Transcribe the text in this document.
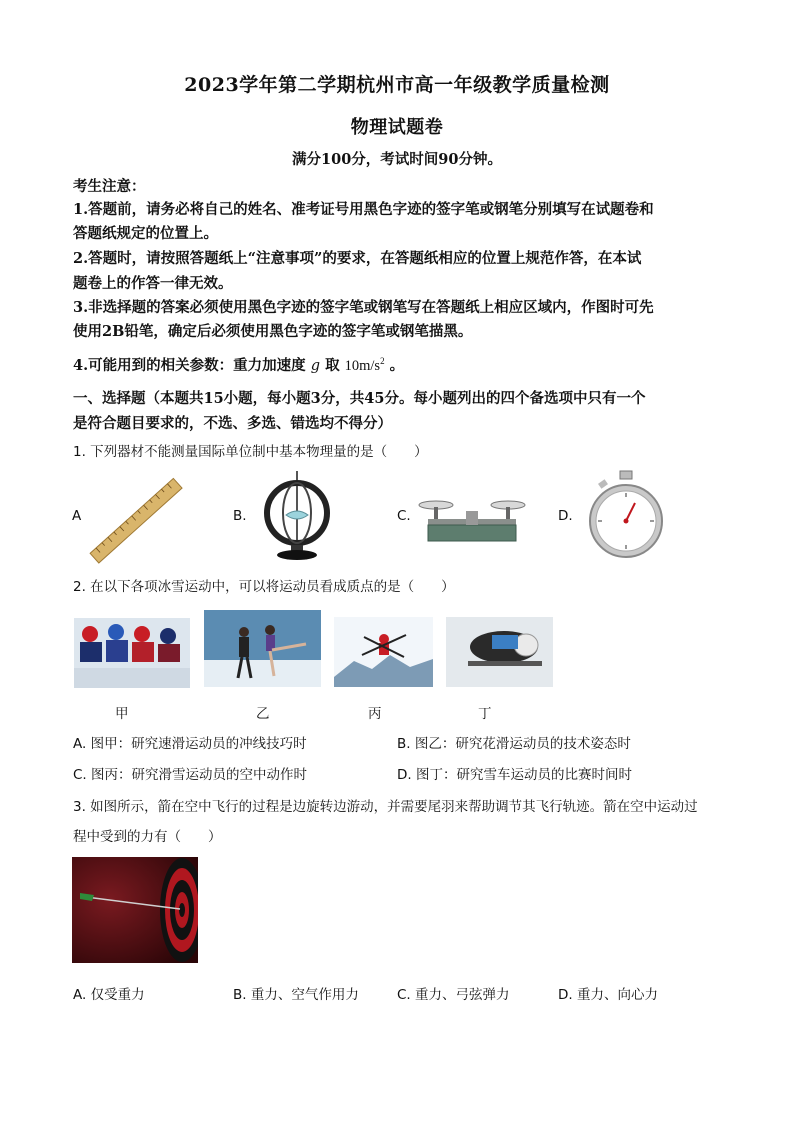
2023学年第二学期杭州市高一年级教学质量检测
物理试题卷
满分100分，考试时间90分钟。
考生注意：
1.答题前，请务必将自己的姓名、准考证号用黑色字迹的签字笔或钢笔分别填写在试题卷和
答题纸规定的位置上。
2.答题时，请按照答题纸上“注意事项”的要求，在答题纸相应的位置上规范作答，在本试
题卷上的作答一律无效。
3.非选择题的答案必须使用黑色字迹的签字笔或钢笔写在答题纸上相应区域内，作图时可先
使用2B铅笔，确定后必须使用黑色字迹的签字笔或钢笔描黑。
4.可能用到的相关参数：重力加速度 g 取 $10m/s^2$ 。
一、选择题（本题共15小题，每小题3分，共45分。每小题列出的四个备选项中只有一个
是符合题目要求的，不选、多选、错选均不得分）
1. 下列器材不能测量国际单位制中基本物理量的是（　　）
A	B.	C.	D.
2. 在以下各项冰雪运动中，可以将运动员看成质点的是（　　）
甲	乙	丙	丁
A. 图甲：研究速滑运动员的冲线技巧时	B. 图乙：研究花滑运动员的技术姿态时
C. 图丙：研究滑雪运动员的空中动作时	D. 图丁：研究雪车运动员的比赛时间时
3. 如图所示，箭在空中飞行的过程是边旋转边游动，并需要尾羽来帮助调节其飞行轨迹。箭在空中运动过
程中受到的力有（　　）
A. 仅受重力	B. 重力、空气作用力	C. 重力、弓弦弹力	D. 重力、向心力
